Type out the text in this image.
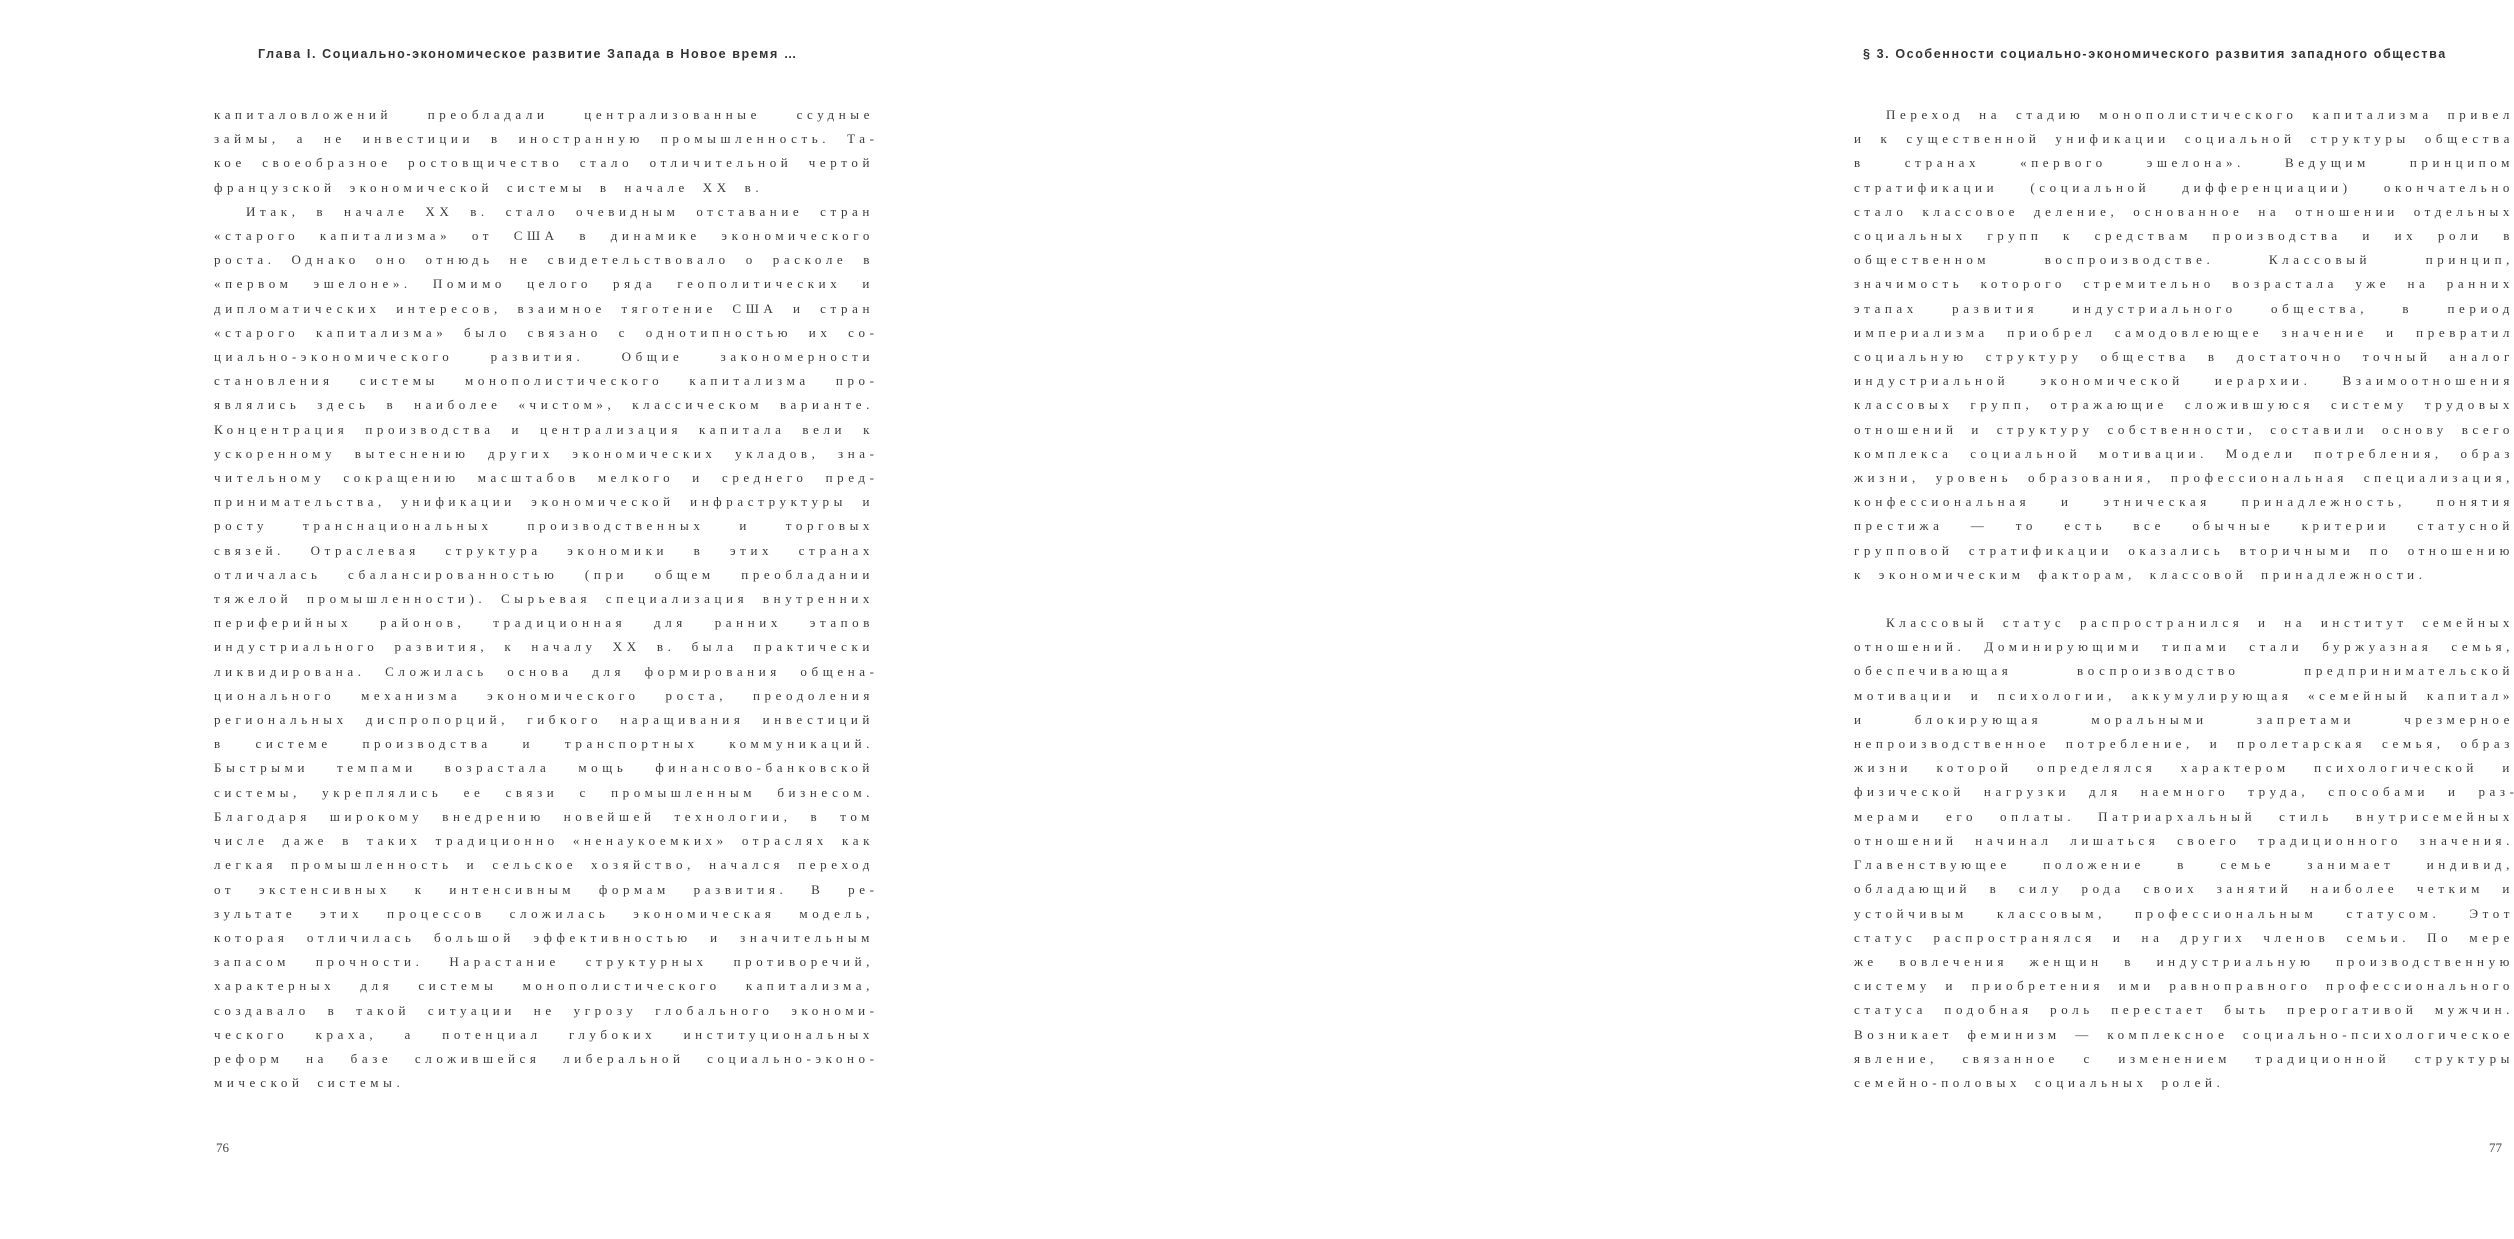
Глава I. Социально-экономическое развитие Запада в Новое время …

капиталовложений преобладали централизованные ссудные займы, а не инвестиции в иностранную промышленность. Такое своеобразное ростовщичество стало отличительной чертой французской экономической системы в начале XX в.

Итак, в начале XX в. стало очевидным отставание стран «старого капитализма» от США в динамике экономического роста. Однако оно отнюдь не свидетельствовало о расколе в «первом эшелоне». Помимо целого ряда геополитических и дипломатических интересов, взаимное тяготение США и стран «старого капитализма» было связано с однотипностью их социально-экономического развития. Общие закономерности становления системы монополистического капитализма проявлялись здесь в наиболее «чистом», классическом варианте. Концентрация производства и централизация капитала вели к ускоренному вытеснению других экономических укладов, значительному сокращению масштабов мелкого и среднего предпринимательства, унификации экономической инфраструктуры и росту транснациональных производственных и торговых связей. Отраслевая структура экономики в этих странах отличалась сбалансированностью (при общем преобладании тяжелой промышленности). Сырьевая специализация внутренних периферийных районов, традиционная для ранних этапов индустриального развития, к началу XX в. была практически ликвидирована. Сложилась основа для формирования общенационального механизма экономического роста, преодоления региональных диспропорций, гибкого наращивания инвестиций в системе производства и транспортных коммуникаций. Быстрыми темпами возрастала мощь финансово-банковской системы, укреплялись ее связи с промышленным бизнесом. Благодаря широкому внедрению новейшей технологии, в том числе даже в таких традиционно «ненаукоемких» отраслях как легкая промышленность и сельское хозяйство, начался переход от экстенсивных к интенсивным формам развития. В результате этих процессов сложилась экономическая модель, которая отличилась большой эффективностью и значительным запасом прочности. Нарастание структурных противоречий, характерных для системы монополистического капитализма, создавало в такой ситуации не угрозу глобального экономического краха, а потенциал глубоких институциональных реформ на базе сложившейся либеральной социально-экономической системы.

76
§ 3. Особенности социально-экономического развития западного общества

Переход на стадию монополистического капитализма привел и к существенной унификации социальной структуры общества в странах «первого эшелона». Ведущим принципом стратификации (социальной дифференциации) окончательно стало классовое деление, основанное на отношении отдельных социальных групп к средствам производства и их роли в общественном воспроизводстве. Классовый принцип, значимость которого стремительно возрастала уже на ранних этапах развития индустриального общества, в период империализма приобрел самодовлеющее значение и превратил социальную структуру общества в достаточно точный аналог индустриальной экономической иерархии. Взаимоотношения классовых групп, отражающие сложившуюся систему трудовых отношений и структуру собственности, составили основу всего комплекса социальной мотивации. Модели потребления, образ жизни, уровень образования, профессиональная специализация, конфессиональная и этническая принадлежность, понятия престижа — то есть все обычные критерии статусной групповой стратификации оказались вторичными по отношению к экономическим факторам, классовой принадлежности.

Классовый статус распространился и на институт семейных отношений. Доминирующими типами стали буржуазная семья, обеспечивающая воспроизводство предпринимательской мотивации и психологии, аккумулирующая «семейный капитал» и блокирующая моральными запретами чрезмерное непроизводственное потребление, и пролетарская семья, образ жизни которой определялся характером психологической и физической нагрузки для наемного труда, способами и размерами его оплаты. Патриархальный стиль внутрисемейных отношений начинал лишаться своего традиционного значения. Главенствующее положение в семье занимает индивид, обладающий в силу рода своих занятий наиболее четким и устойчивым классовым, профессиональным статусом. Этот статус распространялся и на других членов семьи. По мере же вовлечения женщин в индустриальную производственную систему и приобретения ими равноправного профессионального статуса подобная роль перестает быть прерогативой мужчин. Возникает феминизм — комплексное социально-психологическое явление, связанное с изменением традиционной структуры семейно-половых социальных ролей.

77
